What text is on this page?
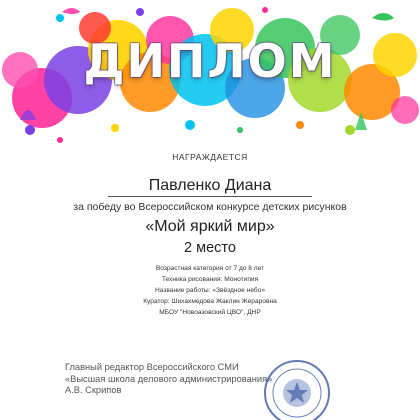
ДИПЛОМ
НАГРАЖДАЕТСЯ
Павленко Диана
за победу во Всероссийском конкурсе детских рисунков
«Мой яркий мир»
2 место
Возрастная категория от 7 до 8 лет
Техника рисования: Монотипия
Название работы: «Звёздное небо»
Куратор: Шихахмедова Жаклин Жераровна
МБОУ "Новоазовский ЦВО", ДНР
Главный редактор Всероссийского СМИ
«Высшая школа делового администрирования»
А.В. Скрипов
